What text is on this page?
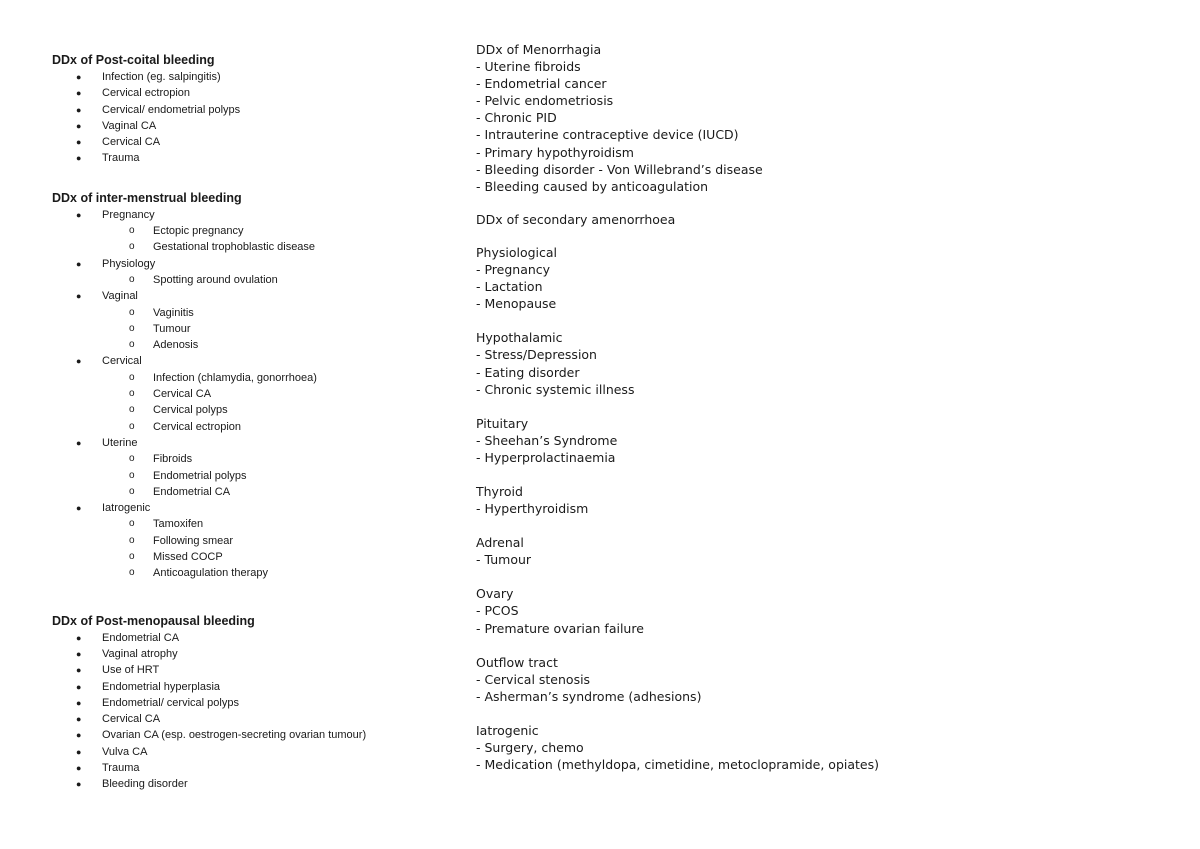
DDx of Post-coital bleeding
● Infection (eg. salpingitis)
● Cervical ectropion
● Cervical/ endometrial polyps
● Vaginal CA
● Cervical CA
● Trauma
DDx of inter-menstrual bleeding
● Pregnancy
o Ectopic pregnancy
o Gestational trophoblastic disease
● Physiology
o Spotting around ovulation
● Vaginal
o Vaginitis
o Tumour
o Adenosis
● Cervical
o Infection (chlamydia, gonorrhoea)
o Cervical CA
o Cervical polyps
o Cervical ectropion
● Uterine
o Fibroids
o Endometrial polyps
o Endometrial CA
● Iatrogenic
o Tamoxifen
o Following smear
o Missed COCP
o Anticoagulation therapy
DDx of Post-menopausal bleeding
● Endometrial CA
● Vaginal atrophy
● Use of HRT
● Endometrial hyperplasia
● Endometrial/ cervical polyps
● Cervical CA
● Ovarian CA (esp. oestrogen-secreting ovarian tumour)
● Vulva CA
● Trauma
● Bleeding disorder
DDx of Menorrhagia
- Uterine fibroids
- Endometrial cancer
- Pelvic endometriosis
- Chronic PID
- Intrauterine contraceptive device (IUCD)
- Primary hypothyroidism
- Bleeding disorder - Von Willebrand’s disease
- Bleeding caused by anticoagulation
DDx of secondary amenorrhoea
Physiological
- Pregnancy
- Lactation
- Menopause
Hypothalamic
- Stress/Depression
- Eating disorder
- Chronic systemic illness
Pituitary
- Sheehan’s Syndrome
- Hyperprolactinaemia
Thyroid
- Hyperthyroidism
Adrenal
- Tumour
Ovary
- PCOS
- Premature ovarian failure
Outflow tract
- Cervical stenosis
- Asherman’s syndrome (adhesions)
Iatrogenic
- Surgery, chemo
- Medication (methyldopa, cimetidine, metoclopramide, opiates)
